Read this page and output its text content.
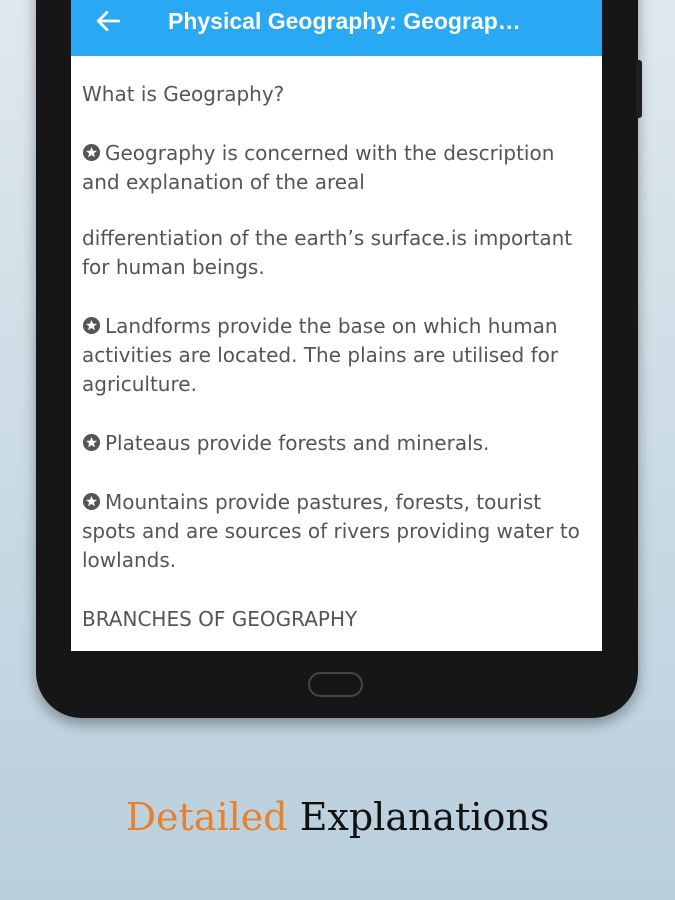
Physical Geography: Geograp…

What is Geography?

Geography is concerned with the description and explanation of the areal

differentiation of the earth’s surface.is important for human beings.

Landforms provide the base on which human activities are located. The plains are utilised for agriculture.

Plateaus provide forests and minerals.

Mountains provide pastures, forests, tourist spots and are sources of rivers providing water to lowlands.

BRANCHES OF GEOGRAPHY

Detailed Explanations
